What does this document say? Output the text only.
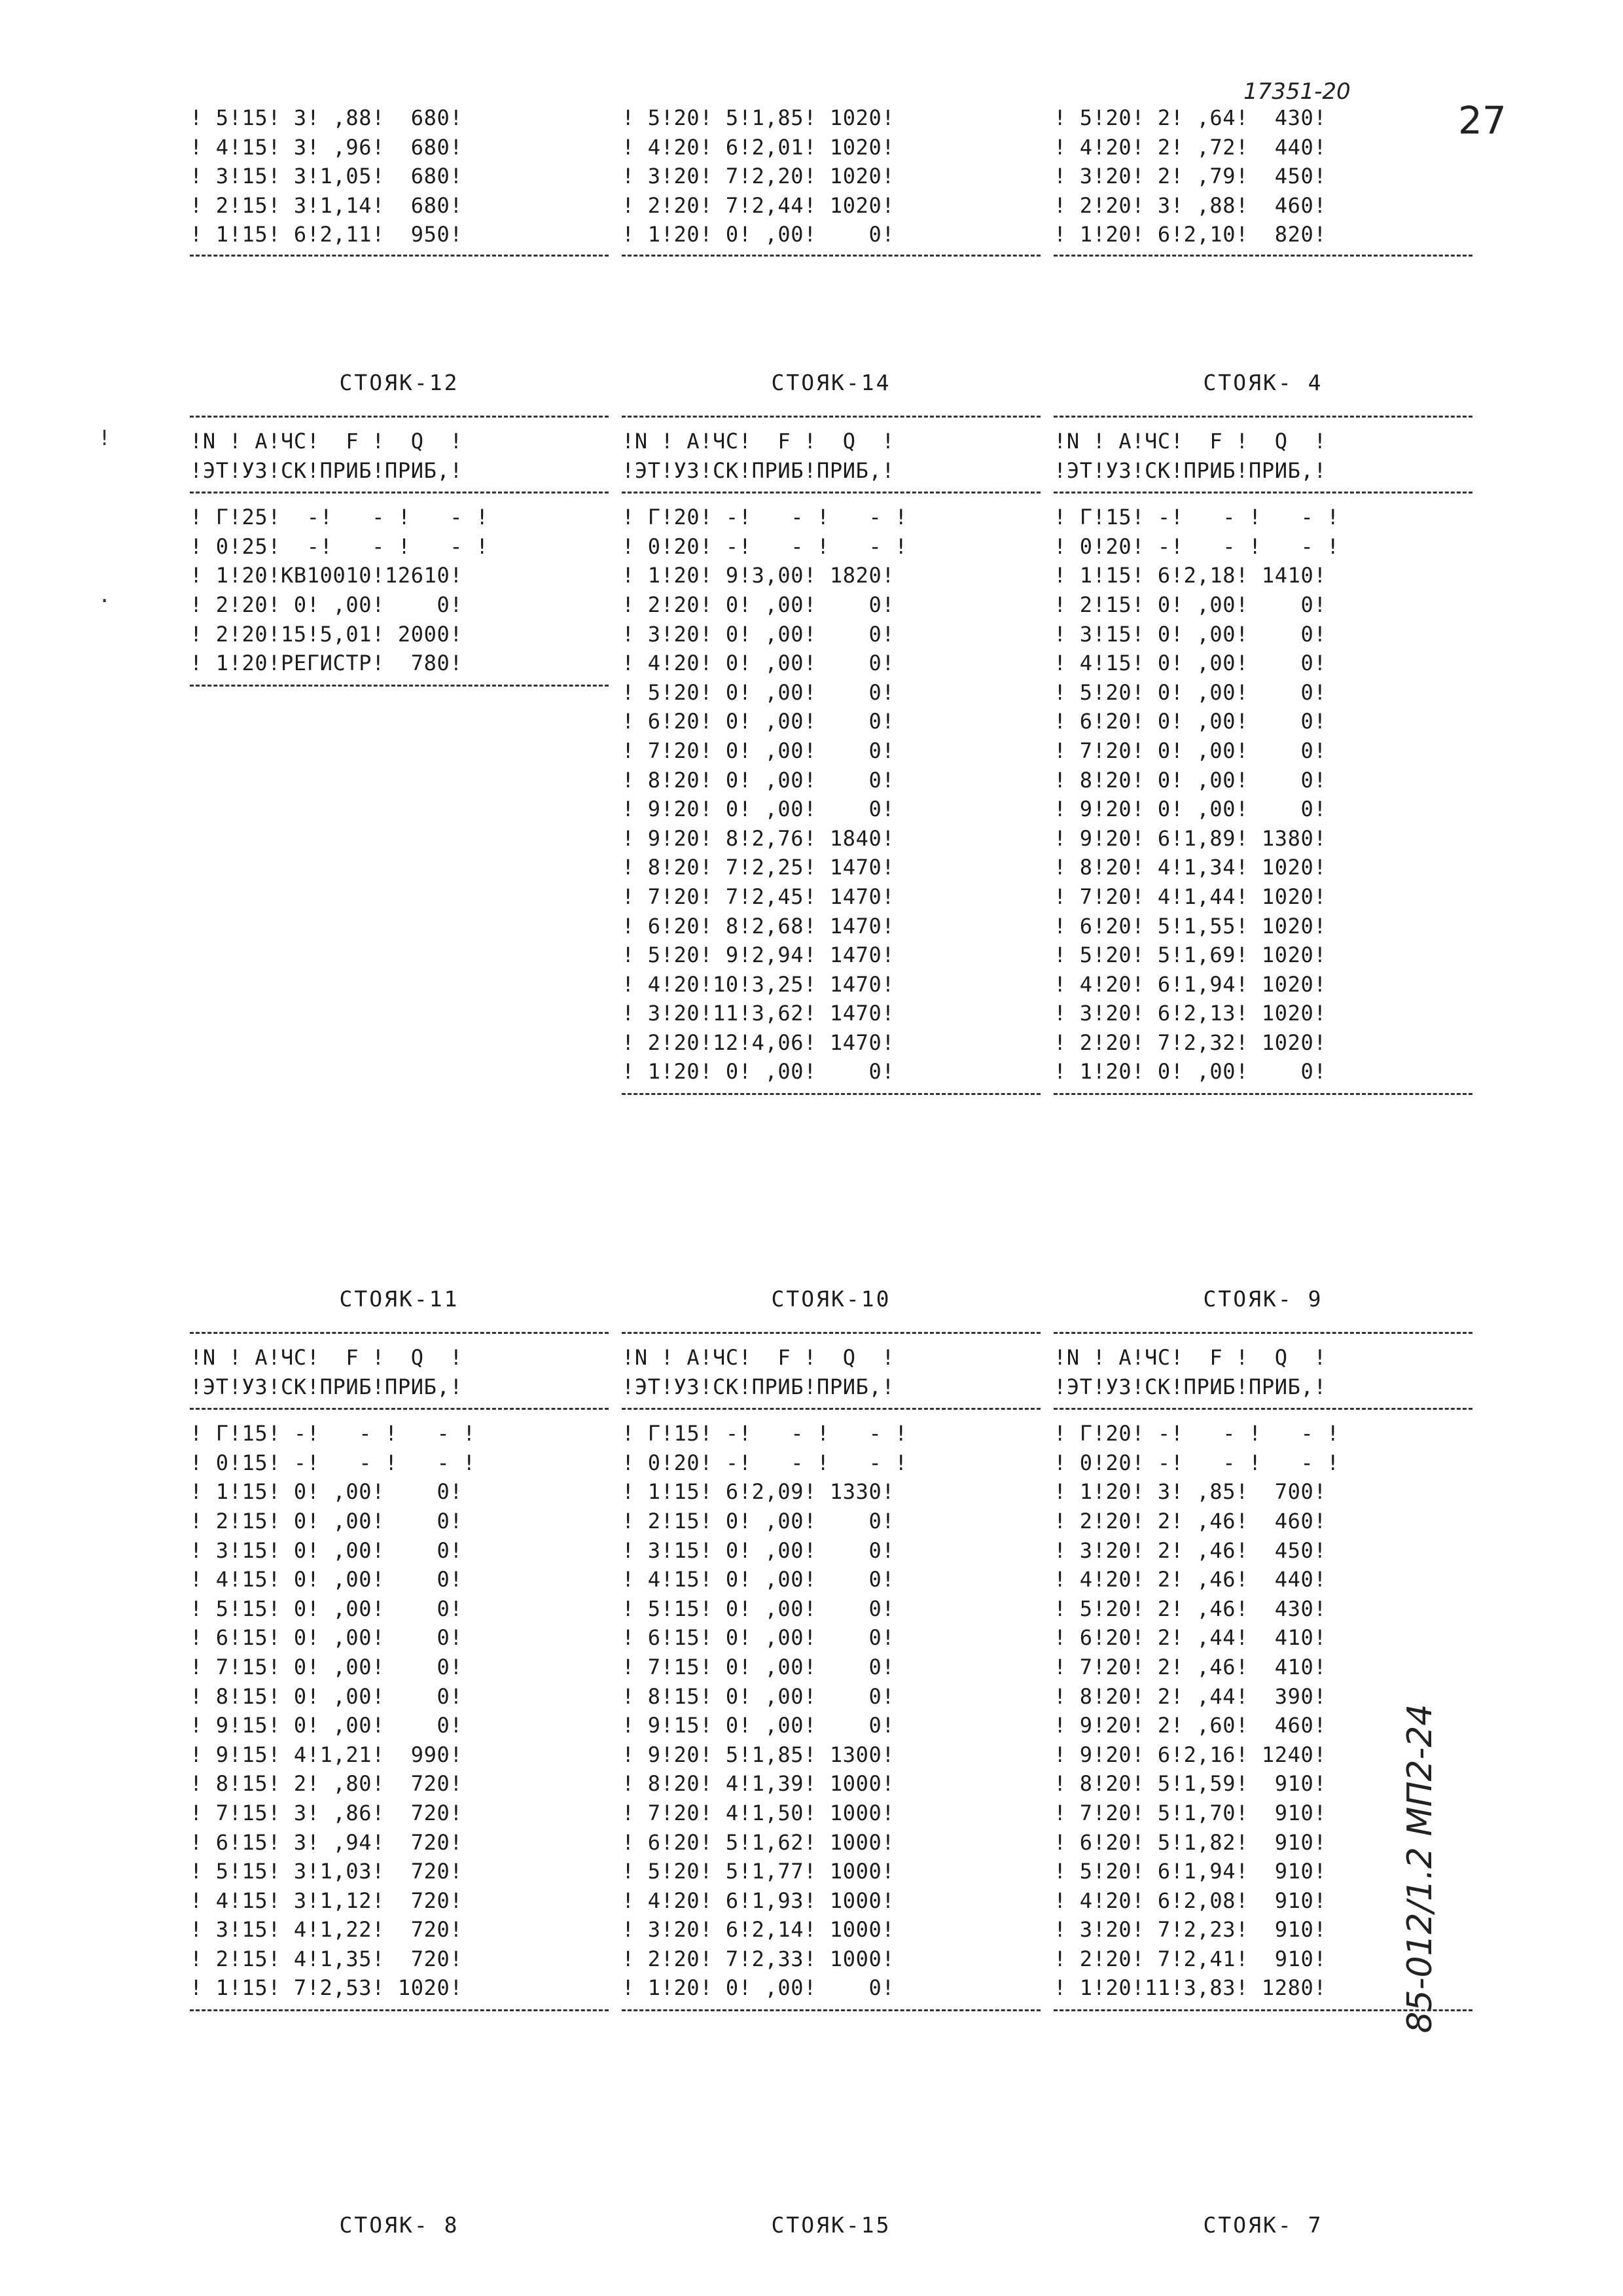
17351-20
27
85-012/1.2 МП2-24
!
.
! 5!15! 3! ,88!  680!
! 4!15! 3! ,96!  680!
! 3!15! 3!1,05!  680!
! 2!15! 3!1,14!  680!
! 1!15! 6!2,11!  950!
! 5!20! 5!1,85! 1020!
! 4!20! 6!2,01! 1020!
! 3!20! 7!2,20! 1020!
! 2!20! 7!2,44! 1020!
! 1!20! 0! ,00!    0!
! 5!20! 2! ,64!  430!
! 4!20! 2! ,72!  440!
! 3!20! 2! ,79!  450!
! 2!20! 3! ,88!  460!
! 1!20! 6!2,10!  820!
СТОЯК-12
!N ! A!ЧС!  F !  Q  !
!ЭТ!УЗ!СК!ПРИБ!ПРИБ,!
! Г!25!  -!   - !   - !
! 0!25!  -!   - !   - !
! 1!20!КВ10010!12610!
! 2!20! 0! ,00!    0!
! 2!20!15!5,01! 2000!
! 1!20!РЕГИСТР!  780!
СТОЯК-14
!N ! A!ЧС!  F !  Q  !
!ЭТ!УЗ!СК!ПРИБ!ПРИБ,!
! Г!20! -!   - !   - !
! 0!20! -!   - !   - !
! 1!20! 9!3,00! 1820!
! 2!20! 0! ,00!    0!
! 3!20! 0! ,00!    0!
! 4!20! 0! ,00!    0!
! 5!20! 0! ,00!    0!
! 6!20! 0! ,00!    0!
! 7!20! 0! ,00!    0!
! 8!20! 0! ,00!    0!
! 9!20! 0! ,00!    0!
! 9!20! 8!2,76! 1840!
! 8!20! 7!2,25! 1470!
! 7!20! 7!2,45! 1470!
! 6!20! 8!2,68! 1470!
! 5!20! 9!2,94! 1470!
! 4!20!10!3,25! 1470!
! 3!20!11!3,62! 1470!
! 2!20!12!4,06! 1470!
! 1!20! 0! ,00!    0!
СТОЯК- 4
!N ! A!ЧС!  F !  Q  !
!ЭТ!УЗ!СК!ПРИБ!ПРИБ,!
! Г!15! -!   - !   - !
! 0!20! -!   - !   - !
! 1!15! 6!2,18! 1410!
! 2!15! 0! ,00!    0!
! 3!15! 0! ,00!    0!
! 4!15! 0! ,00!    0!
! 5!20! 0! ,00!    0!
! 6!20! 0! ,00!    0!
! 7!20! 0! ,00!    0!
! 8!20! 0! ,00!    0!
! 9!20! 0! ,00!    0!
! 9!20! 6!1,89! 1380!
! 8!20! 4!1,34! 1020!
! 7!20! 4!1,44! 1020!
! 6!20! 5!1,55! 1020!
! 5!20! 5!1,69! 1020!
! 4!20! 6!1,94! 1020!
! 3!20! 6!2,13! 1020!
! 2!20! 7!2,32! 1020!
! 1!20! 0! ,00!    0!
СТОЯК-11
!N ! A!ЧС!  F !  Q  !
!ЭТ!УЗ!СК!ПРИБ!ПРИБ,!
! Г!15! -!   - !   - !
! 0!15! -!   - !   - !
! 1!15! 0! ,00!    0!
! 2!15! 0! ,00!    0!
! 3!15! 0! ,00!    0!
! 4!15! 0! ,00!    0!
! 5!15! 0! ,00!    0!
! 6!15! 0! ,00!    0!
! 7!15! 0! ,00!    0!
! 8!15! 0! ,00!    0!
! 9!15! 0! ,00!    0!
! 9!15! 4!1,21!  990!
! 8!15! 2! ,80!  720!
! 7!15! 3! ,86!  720!
! 6!15! 3! ,94!  720!
! 5!15! 3!1,03!  720!
! 4!15! 3!1,12!  720!
! 3!15! 4!1,22!  720!
! 2!15! 4!1,35!  720!
! 1!15! 7!2,53! 1020!
СТОЯК-10
!N ! A!ЧС!  F !  Q  !
!ЭТ!УЗ!СК!ПРИБ!ПРИБ,!
! Г!15! -!   - !   - !
! 0!20! -!   - !   - !
! 1!15! 6!2,09! 1330!
! 2!15! 0! ,00!    0!
! 3!15! 0! ,00!    0!
! 4!15! 0! ,00!    0!
! 5!15! 0! ,00!    0!
! 6!15! 0! ,00!    0!
! 7!15! 0! ,00!    0!
! 8!15! 0! ,00!    0!
! 9!15! 0! ,00!    0!
! 9!20! 5!1,85! 1300!
! 8!20! 4!1,39! 1000!
! 7!20! 4!1,50! 1000!
! 6!20! 5!1,62! 1000!
! 5!20! 5!1,77! 1000!
! 4!20! 6!1,93! 1000!
! 3!20! 6!2,14! 1000!
! 2!20! 7!2,33! 1000!
! 1!20! 0! ,00!    0!
СТОЯК- 9
!N ! A!ЧС!  F !  Q  !
!ЭТ!УЗ!СК!ПРИБ!ПРИБ,!
! Г!20! -!   - !   - !
! 0!20! -!   - !   - !
! 1!20! 3! ,85!  700!
! 2!20! 2! ,46!  460!
! 3!20! 2! ,46!  450!
! 4!20! 2! ,46!  440!
! 5!20! 2! ,46!  430!
! 6!20! 2! ,44!  410!
! 7!20! 2! ,46!  410!
! 8!20! 2! ,44!  390!
! 9!20! 2! ,60!  460!
! 9!20! 6!2,16! 1240!
! 8!20! 5!1,59!  910!
! 7!20! 5!1,70!  910!
! 6!20! 5!1,82!  910!
! 5!20! 6!1,94!  910!
! 4!20! 6!2,08!  910!
! 3!20! 7!2,23!  910!
! 2!20! 7!2,41!  910!
! 1!20!11!3,83! 1280!
СТОЯК- 8	СТОЯК-15	СТОЯК- 7
